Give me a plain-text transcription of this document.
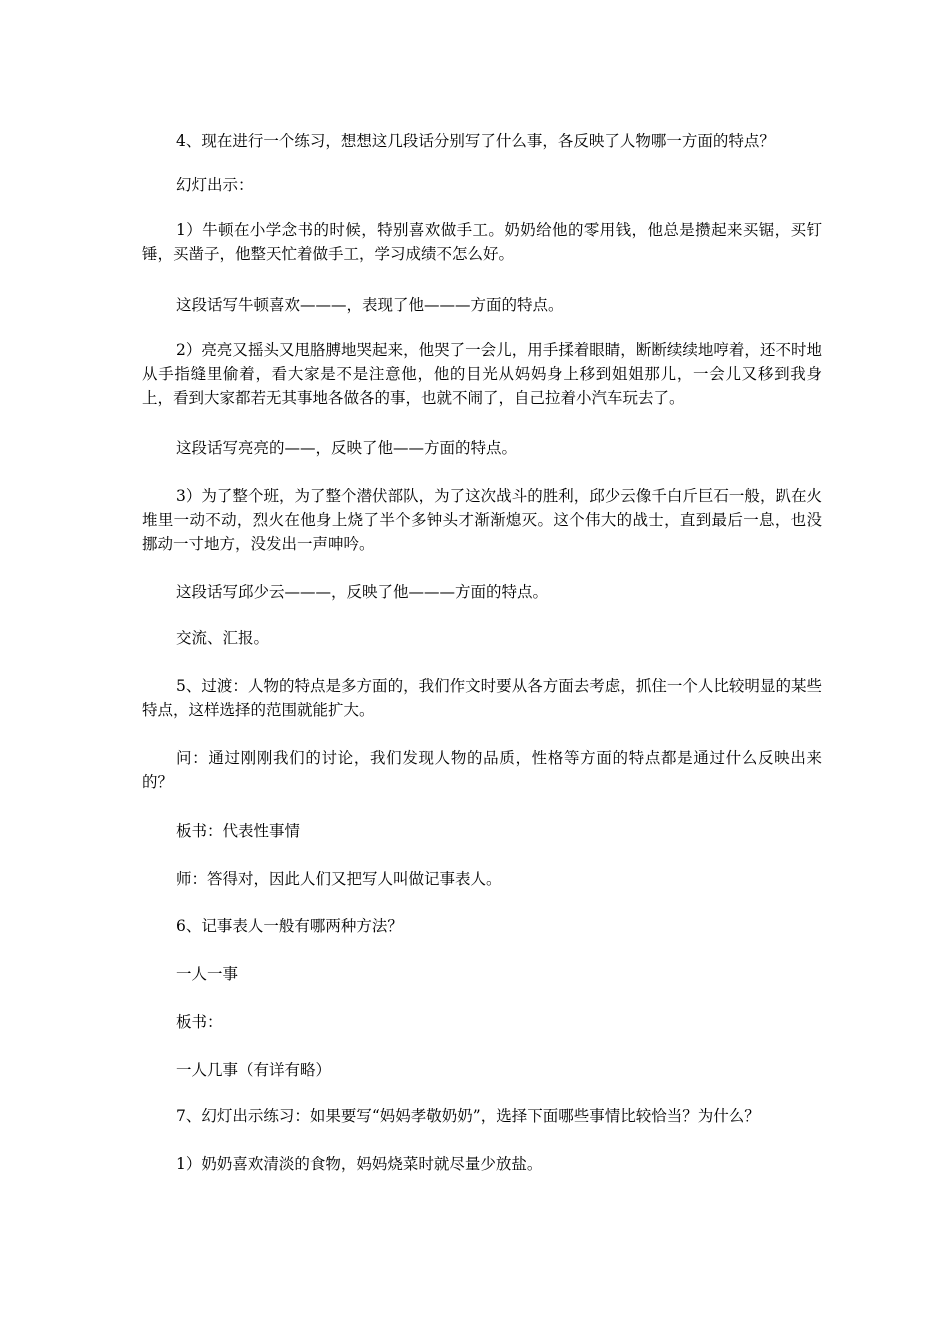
4、现在进行一个练习，想想这几段话分别写了什么事，各反映了人物哪一方面的特点？

幻灯出示：

1）牛顿在小学念书的时候，特别喜欢做手工。奶奶给他的零用钱，他总是攒起来买锯，买钉锤，买凿子，他整天忙着做手工，学习成绩不怎么好。

这段话写牛顿喜欢———，表现了他———方面的特点。

2）亮亮又摇头又甩胳膊地哭起来，他哭了一会儿，用手揉着眼睛，断断续续地哼着，还不时地从手指缝里偷着，看大家是不是注意他，他的目光从妈妈身上移到姐姐那儿，一会儿又移到我身上，看到大家都若无其事地各做各的事，也就不闹了，自己拉着小汽车玩去了。

这段话写亮亮的——，反映了他——方面的特点。

3）为了整个班，为了整个潜伏部队，为了这次战斗的胜利，邱少云像千白斤巨石一般，趴在火堆里一动不动，烈火在他身上烧了半个多钟头才渐渐熄灭。这个伟大的战士，直到最后一息，也没挪动一寸地方，没发出一声呻吟。

这段话写邱少云———，反映了他———方面的特点。

交流、汇报。

5、过渡：人物的特点是多方面的，我们作文时要从各方面去考虑，抓住一个人比较明显的某些特点，这样选择的范围就能扩大。

问：通过刚刚我们的讨论，我们发现人物的品质，性格等方面的特点都是通过什么反映出来的？

板书：代表性事情

师：答得对，因此人们又把写人叫做记事表人。

6、记事表人一般有哪两种方法？

一人一事

板书：

一人几事（有详有略）

7、幻灯出示练习：如果要写“妈妈孝敬奶奶”，选择下面哪些事情比较恰当？为什么？

1）奶奶喜欢清淡的食物，妈妈烧菜时就尽量少放盐。
